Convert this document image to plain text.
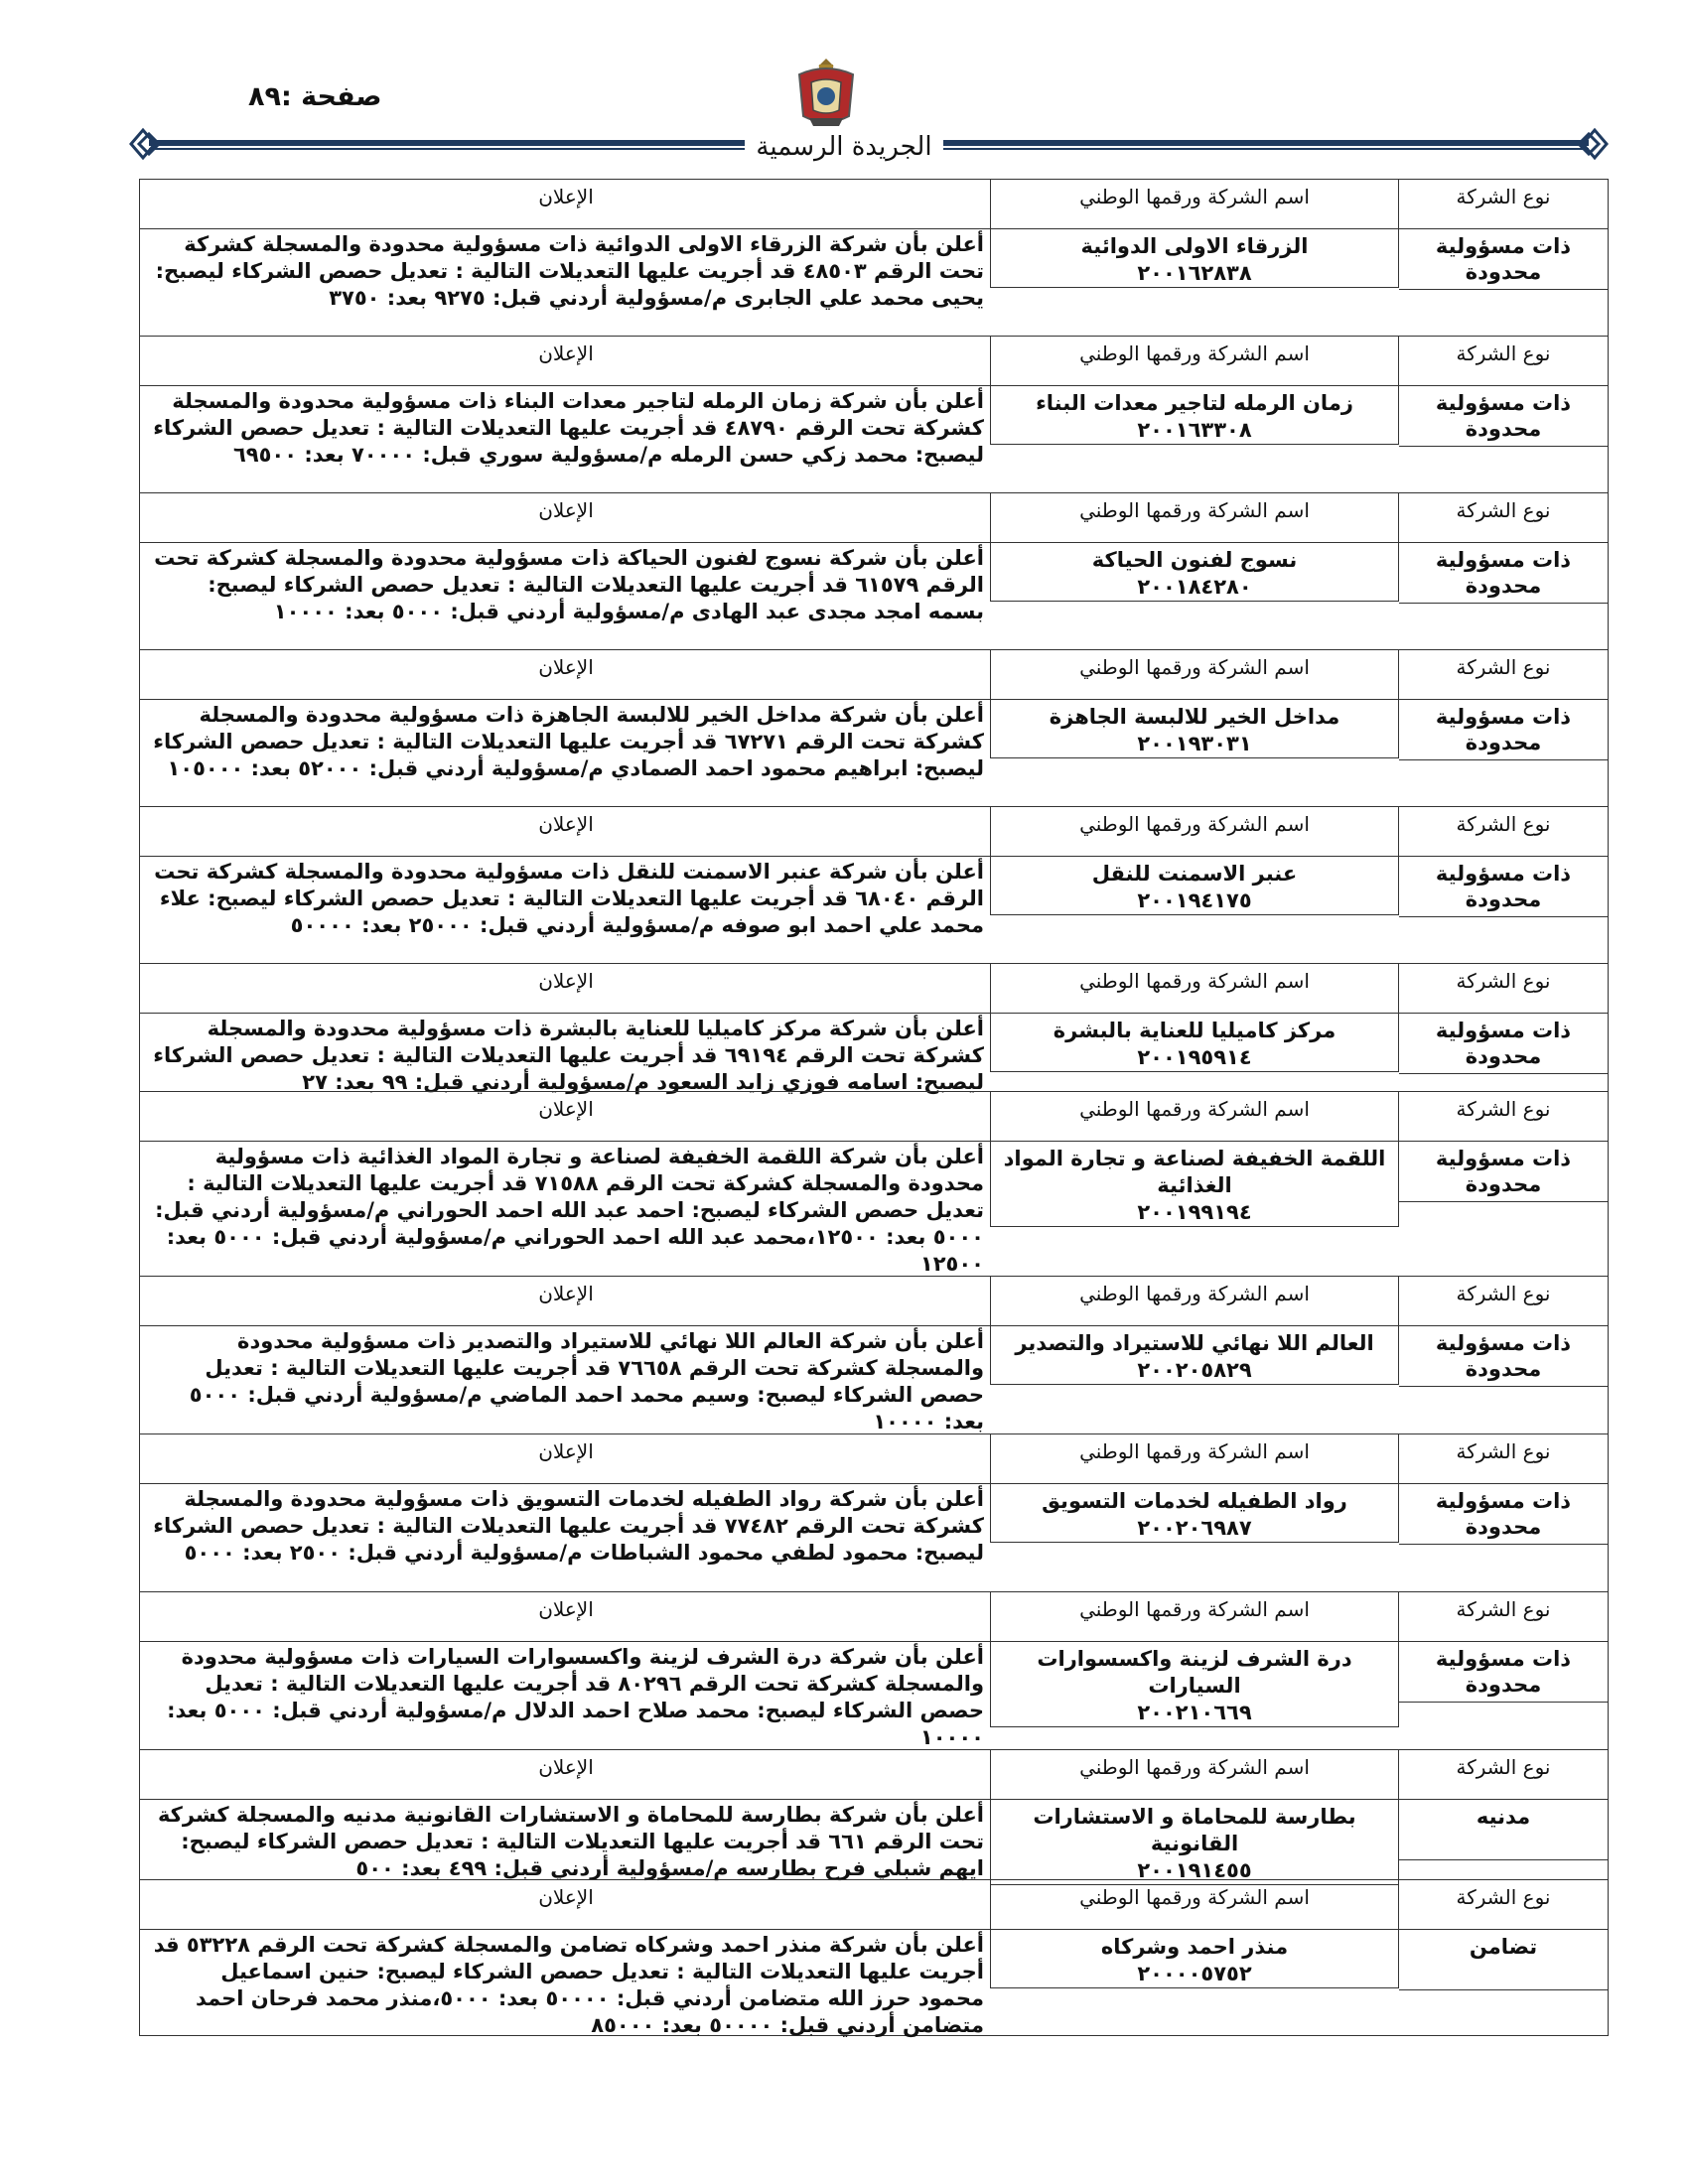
صفحة :٨٩
الجريدة الرسمية
نوع الشركة
اسم الشركة ورقمها الوطني
الإعلان
ذات مسؤولية محدودة
الزرقاء الاولى الدوائية
٢٠٠١٦٢٨٣٨
أعلن بأن شركة الزرقاء الاولى الدوائية ذات مسؤولية محدودة والمسجلة كشركة تحت الرقم ٤٨٥٠٣ قد أجريت عليها التعديلات التالية : تعديل حصص الشركاء ليصبح: يحيى محمد علي الجابرى م/مسؤولية أردني قبل: ٩٢٧٥ بعد: ٣٧٥٠
نوع الشركة
اسم الشركة ورقمها الوطني
الإعلان
ذات مسؤولية محدودة
زمان الرمله لتاجير معدات البناء
٢٠٠١٦٣٣٠٨
أعلن بأن شركة زمان الرمله لتاجير معدات البناء ذات مسؤولية محدودة والمسجلة كشركة تحت الرقم ٤٨٧٩٠ قد أجريت عليها التعديلات التالية : تعديل حصص الشركاء ليصبح: محمد زكي حسن الرمله م/مسؤولية سوري قبل: ٧٠٠٠٠ بعد: ٦٩٥٠٠
نوع الشركة
اسم الشركة ورقمها الوطني
الإعلان
ذات مسؤولية محدودة
نسوج لفنون الحياكة
٢٠٠١٨٤٢٨٠
أعلن بأن شركة نسوج لفنون الحياكة ذات مسؤولية محدودة والمسجلة كشركة تحت الرقم ٦١٥٧٩ قد أجريت عليها التعديلات التالية : تعديل حصص الشركاء ليصبح: بسمه امجد مجدى عبد الهادى م/مسؤولية أردني قبل: ٥٠٠٠ بعد: ١٠٠٠٠
نوع الشركة
اسم الشركة ورقمها الوطني
الإعلان
ذات مسؤولية محدودة
مداخل الخير للالبسة الجاهزة
٢٠٠١٩٣٠٣١
أعلن بأن شركة مداخل الخير للالبسة الجاهزة ذات مسؤولية محدودة والمسجلة كشركة تحت الرقم ٦٧٢٧١ قد أجريت عليها التعديلات التالية : تعديل حصص الشركاء ليصبح: ابراهيم محمود احمد الصمادي م/مسؤولية أردني قبل: ٥٢٠٠٠ بعد: ١٠٥٠٠٠
نوع الشركة
اسم الشركة ورقمها الوطني
الإعلان
ذات مسؤولية محدودة
عنبر الاسمنت للنقل
٢٠٠١٩٤١٧٥
أعلن بأن شركة عنبر الاسمنت للنقل ذات مسؤولية محدودة والمسجلة كشركة تحت الرقم ٦٨٠٤٠ قد أجريت عليها التعديلات التالية : تعديل حصص الشركاء ليصبح: علاء محمد علي احمد ابو صوفه م/مسؤولية أردني قبل: ٢٥٠٠٠ بعد: ٥٠٠٠٠
نوع الشركة
اسم الشركة ورقمها الوطني
الإعلان
ذات مسؤولية محدودة
مركز كاميليا للعناية بالبشرة
٢٠٠١٩٥٩١٤
أعلن بأن شركة مركز كاميليا للعناية بالبشرة ذات مسؤولية محدودة والمسجلة كشركة تحت الرقم ٦٩١٩٤ قد أجريت عليها التعديلات التالية : تعديل حصص الشركاء ليصبح: اسامه فوزي زايد السعود م/مسؤولية أردني قبل: ٩٩ بعد: ٢٧
نوع الشركة
اسم الشركة ورقمها الوطني
الإعلان
ذات مسؤولية محدودة
اللقمة الخفيفة لصناعة و تجارة المواد الغذائية
٢٠٠١٩٩١٩٤
أعلن بأن شركة اللقمة الخفيفة لصناعة و تجارة المواد الغذائية ذات مسؤولية محدودة والمسجلة كشركة تحت الرقم ٧١٥٨٨ قد أجريت عليها التعديلات التالية : تعديل حصص الشركاء ليصبح: احمد عبد الله احمد الحوراني م/مسؤولية أردني قبل: ٥٠٠٠ بعد: ١٢٥٠٠،محمد عبد الله احمد الحوراني م/مسؤولية أردني قبل: ٥٠٠٠ بعد: ١٢٥٠٠
نوع الشركة
اسم الشركة ورقمها الوطني
الإعلان
ذات مسؤولية محدودة
العالم اللا نهائي للاستيراد والتصدير
٢٠٠٢٠٥٨٢٩
أعلن بأن شركة العالم اللا نهائي للاستيراد والتصدير ذات مسؤولية محدودة والمسجلة كشركة تحت الرقم ٧٦٦٥٨ قد أجريت عليها التعديلات التالية : تعديل حصص الشركاء ليصبح: وسيم محمد احمد الماضي م/مسؤولية أردني قبل: ٥٠٠٠ بعد: ١٠٠٠٠
نوع الشركة
اسم الشركة ورقمها الوطني
الإعلان
ذات مسؤولية محدودة
رواد الطفيله لخدمات التسويق
٢٠٠٢٠٦٩٨٧
أعلن بأن شركة رواد الطفيله لخدمات التسويق ذات مسؤولية محدودة والمسجلة كشركة تحت الرقم ٧٧٤٨٢ قد أجريت عليها التعديلات التالية : تعديل حصص الشركاء ليصبح: محمود لطفي محمود الشباطات م/مسؤولية أردني قبل: ٢٥٠٠ بعد: ٥٠٠٠
نوع الشركة
اسم الشركة ورقمها الوطني
الإعلان
ذات مسؤولية محدودة
درة الشرف لزينة واكسسوارات السيارات
٢٠٠٢١٠٦٦٩
أعلن بأن شركة درة الشرف لزينة واكسسوارات السيارات ذات مسؤولية محدودة والمسجلة كشركة تحت الرقم ٨٠٢٩٦ قد أجريت عليها التعديلات التالية : تعديل حصص الشركاء ليصبح: محمد صلاح احمد الدلال م/مسؤولية أردني قبل: ٥٠٠٠ بعد: ١٠٠٠٠
نوع الشركة
اسم الشركة ورقمها الوطني
الإعلان
مدنيه
بطارسة للمحاماة و الاستشارات القانونية
٢٠٠١٩١٤٥٥
أعلن بأن شركة بطارسة للمحاماة و الاستشارات القانونية مدنيه والمسجلة كشركة تحت الرقم ٦٦١ قد أجريت عليها التعديلات التالية : تعديل حصص الشركاء ليصبح: ايهم شبلي فرح بطارسه م/مسؤولية أردني قبل: ٤٩٩ بعد: ٥٠٠
نوع الشركة
اسم الشركة ورقمها الوطني
الإعلان
تضامن
منذر احمد وشركاه
٢٠٠٠٠٥٧٥٢
أعلن بأن شركة منذر احمد وشركاه تضامن والمسجلة كشركة تحت الرقم ٥٣٢٢٨ قد أجريت عليها التعديلات التالية : تعديل حصص الشركاء ليصبح: حنين اسماعيل محمود حرز الله متضامن أردني قبل: ٥٠٠٠٠ بعد: ٥٠٠٠،منذر محمد فرحان احمد متضامن أردني قبل: ٥٠٠٠٠ بعد: ٨٥٠٠٠
